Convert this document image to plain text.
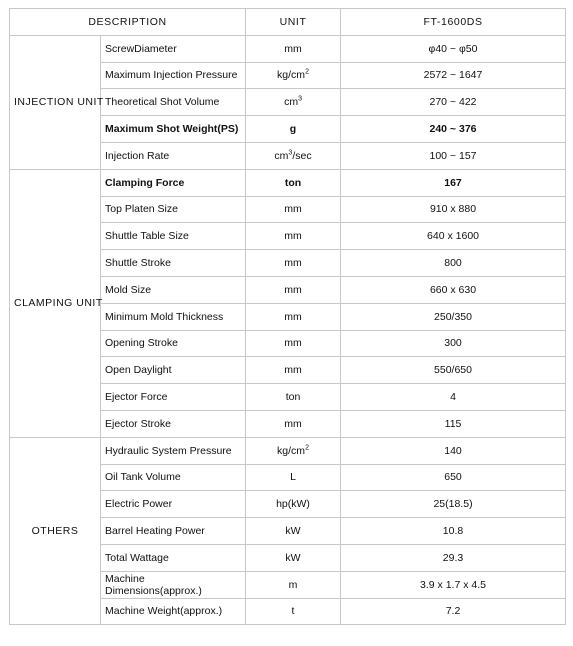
DESCRIPTION		UNIT	FT-1600DS
INJECTION UNIT	ScrewDiameter	mm	φ40 ~ φ50
	Maximum Injection Pressure	$kg/cm^2$	2572 ~ 1647
	Theoretical Shot Volume	$cm^3$	270 ~ 422
	Maximum Shot Weight(PS)	g	240 ~ 376
	Injection Rate	$cm^3/\sec$	100 ~ 157
CLAMPING UNIT	Clamping Force	ton	167
	Top Platen Size	mm	910 x 880
	Shuttle Table Size	mm	640 x 1600
	Shuttle Stroke	mm	800
	Mold Size	mm	660 x 630
	Minimum Mold Thickness	mm	250/350
	Opening Stroke	mm	300
	Open Daylight	mm	550/650
	Ejector Force	ton	4
	Ejector Stroke	mm	115
OTHERS	Hydraulic System Pressure	$kg/cm^2$	140
	Oil Tank Volume	L	650
	Electric Power	hp(kW)	25(18.5)
	Barrel Heating Power	kW	10.8
	Total Wattage	kW	29.3
	Machine Dimensions(approx.)	m	3.9 x 1.7 x 4.5
	Machine Weight(approx.)	t	7.2
